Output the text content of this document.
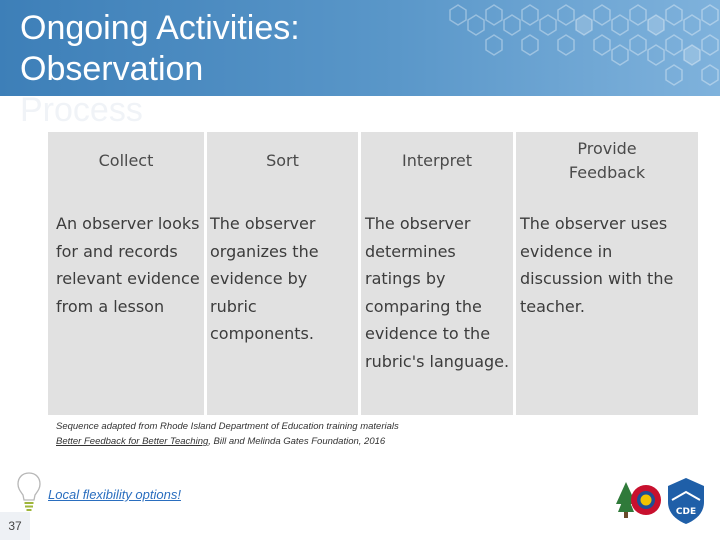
Ongoing Activities:
Observation
Process
Collect
An observer looks for and records relevant evidence from a lesson
Sort
The observer organizes the evidence by rubric components.
Interpret
The observer determines ratings by comparing the evidence to the rubric's language.
Provide Feedback
The observer uses evidence in discussion with the teacher.
Sequence adapted from Rhode Island Department of Education training materials
Better Feedback for Better Teaching, Bill and Melinda Gates Foundation, 2016
Local flexibility options!
37
CDE
